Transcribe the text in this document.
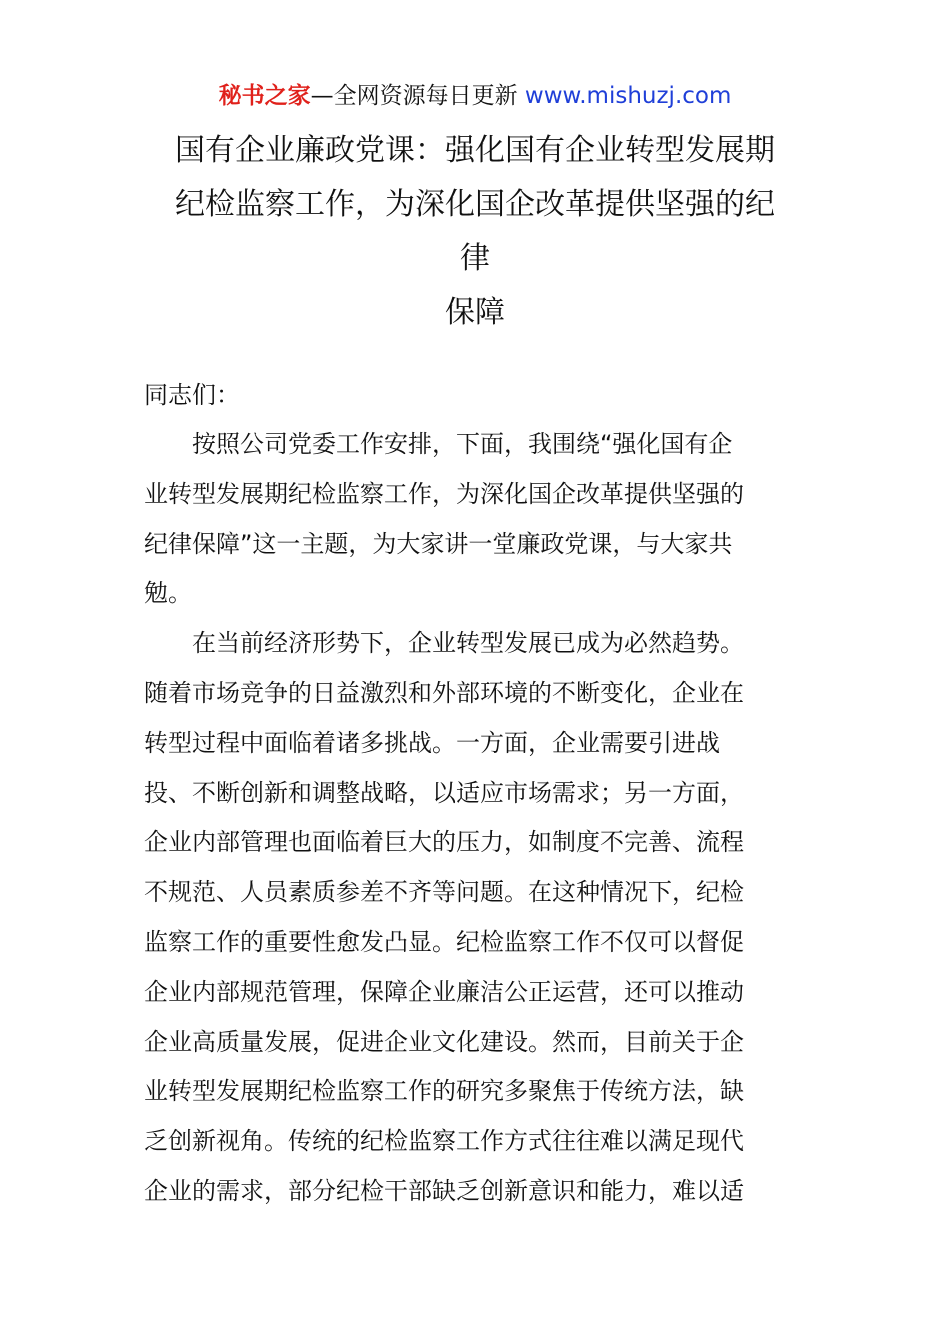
秘书之家—全网资源每日更新 www.mishuzj.com
国有企业廉政党课：强化国有企业转型发展期
纪检监察工作，为深化国企改革提供坚强的纪
律
保障
同志们：
按照公司党委工作安排，下面，我围绕“强化国有企
业转型发展期纪检监察工作，为深化国企改革提供坚强的
纪律保障”这一主题，为大家讲一堂廉政党课，与大家共
勉。
在当前经济形势下，企业转型发展已成为必然趋势。
随着市场竞争的日益激烈和外部环境的不断变化，企业在
转型过程中面临着诸多挑战。一方面，企业需要引进战
投、不断创新和调整战略，以适应市场需求；另一方面，
企业内部管理也面临着巨大的压力，如制度不完善、流程
不规范、人员素质参差不齐等问题。在这种情况下，纪检
监察工作的重要性愈发凸显。纪检监察工作不仅可以督促
企业内部规范管理，保障企业廉洁公正运营，还可以推动
企业高质量发展，促进企业文化建设。然而，目前关于企
业转型发展期纪检监察工作的研究多聚焦于传统方法，缺
乏创新视角。传统的纪检监察工作方式往往难以满足现代
企业的需求，部分纪检干部缺乏创新意识和能力，难以适
